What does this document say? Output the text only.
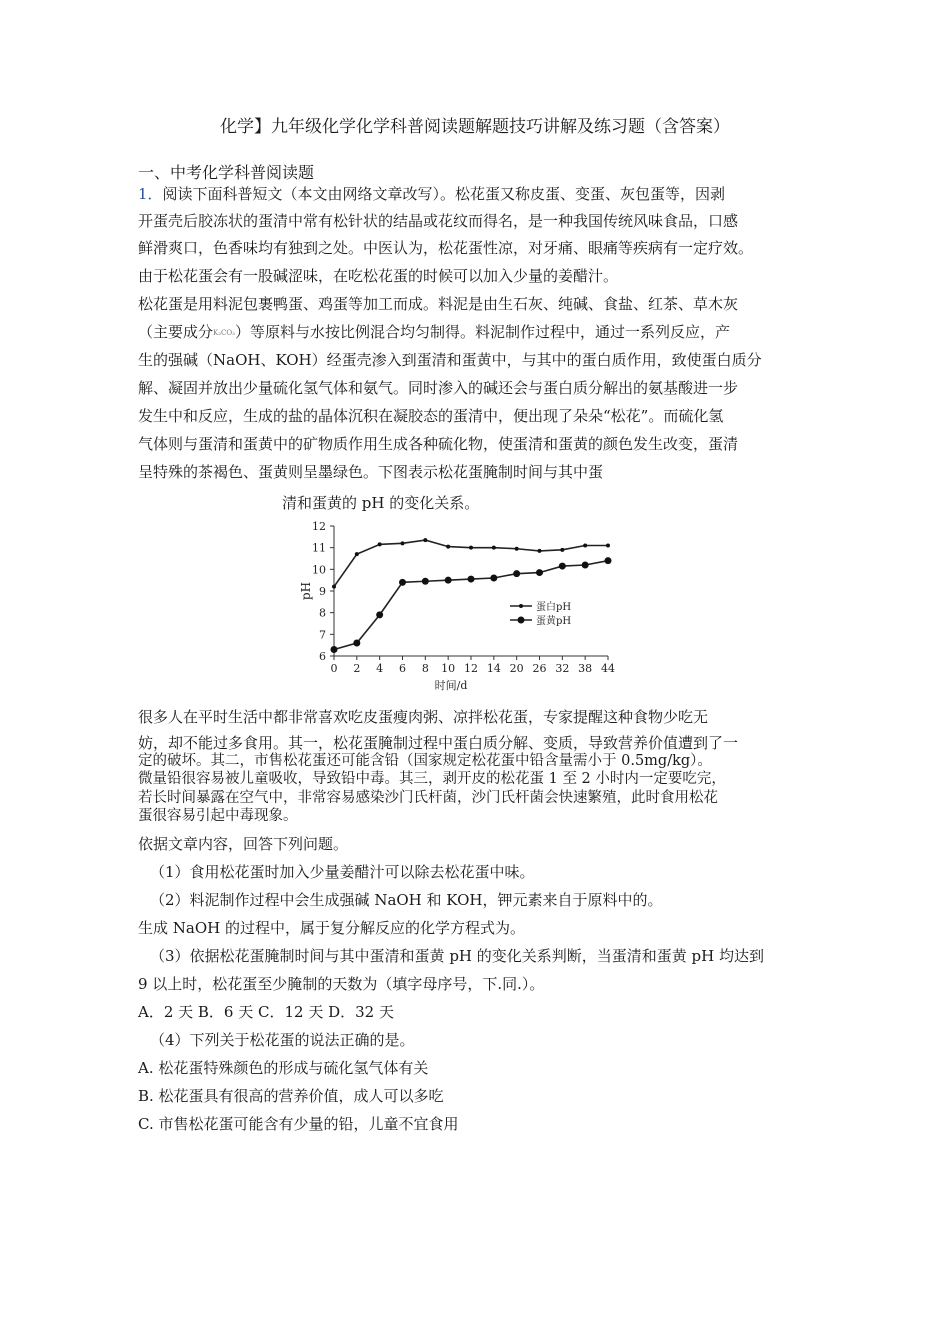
化学】九年级化学化学科普阅读题解题技巧讲解及练习题（含答案）
一、中考化学科普阅读题
1．阅读下面科普短文（本文由网络文章改写）。松花蛋又称皮蛋、变蛋、灰包蛋等，因剥
开蛋壳后胶冻状的蛋清中常有松针状的结晶或花纹而得名，是一种我国传统风味食品，口感
鲜滑爽口，色香味均有独到之处。中医认为，松花蛋性凉，对牙痛、眼痛等疾病有一定疗效。
由于松花蛋会有一股碱涩味，在吃松花蛋的时候可以加入少量的姜醋汁。
松花蛋是用料泥包裹鸭蛋、鸡蛋等加工而成。料泥是由生石灰、纯碱、食盐、红茶、草木灰
（主要成分K₂CO₃）等原料与水按比例混合均匀制得。料泥制作过程中，通过一系列反应，产
生的强碱（NaOH、KOH）经蛋壳渗入到蛋清和蛋黄中，与其中的蛋白质作用，致使蛋白质分
解、凝固并放出少量硫化氢气体和氨气。同时渗入的碱还会与蛋白质分解出的氨基酸进一步
发生中和反应，生成的盐的晶体沉积在凝胶态的蛋清中，便出现了朵朵“松花”。而硫化氢
气体则与蛋清和蛋黄中的矿物质作用生成各种硫化物，使蛋清和蛋黄的颜色发生改变，蛋清
呈特殊的茶褐色、蛋黄则呈墨绿色。下图表示松花蛋腌制时间与其中蛋
清和蛋黄的 pH 的变化关系。
6
7
8
9
10
11
12
0 2 4 6 8 10 12 14 20 26 32 38 44
时间/d
pH
蛋白pH
蛋黄pH
很多人在平时生活中都非常喜欢吃皮蛋瘦肉粥、凉拌松花蛋，专家提醒这种食物少吃无
妨，却不能过多食用。其一，松花蛋腌制过程中蛋白质分解、变质，导致营养价值遭到了一
定的破坏。其二，市售松花蛋还可能含铅（国家规定松花蛋中铅含量需小于 0.5mg/kg）。
微量铅很容易被儿童吸收，导致铅中毒。其三，剥开皮的松花蛋 1 至 2 小时内一定要吃完，
若长时间暴露在空气中，非常容易感染沙门氏杆菌，沙门氏杆菌会快速繁殖，此时食用松花
蛋很容易引起中毒现象。
依据文章内容，回答下列问题。
（1）食用松花蛋时加入少量姜醋汁可以除去松花蛋中味。
（2）料泥制作过程中会生成强碱 NaOH 和 KOH，钾元素来自于原料中的。
生成 NaOH 的过程中，属于复分解反应的化学方程式为。
（3）依据松花蛋腌制时间与其中蛋清和蛋黄 pH 的变化关系判断，当蛋清和蛋黄 pH 均达到
9 以上时，松花蛋至少腌制的天数为（填字母序号，下.同.）。
A．2 天 B．6 天 C．12 天 D．32 天
（4）下列关于松花蛋的说法正确的是。
A. 松花蛋特殊颜色的形成与硫化氢气体有关
B. 松花蛋具有很高的营养价值，成人可以多吃
C. 市售松花蛋可能含有少量的铅，儿童不宜食用
